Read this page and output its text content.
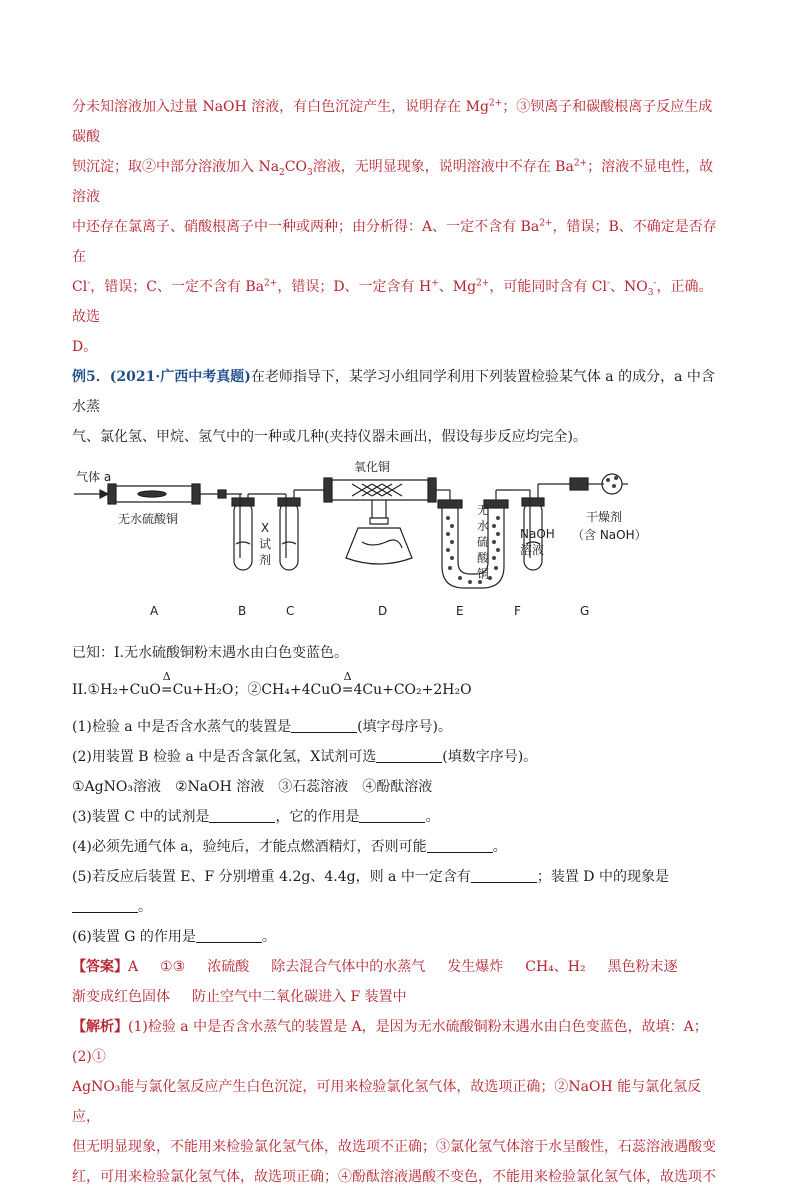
分未知溶液加入过量 NaOH 溶液，有白色沉淀产生，说明存在 $Mg^{2+}$；③钡离子和碳酸根离子反应生成碳酸

钡沉淀；取②中部分溶液加入 $Na_2CO_3$溶液，无明显现象，说明溶液中不存在 $Ba^{2+}$；溶液不显电性，故溶液

中还存在氯离子、硝酸根离子中一种或两种；由分析得：A、一定不含有 $Ba^{2+}$，错误；B、不确定是否存在

Cl-，错误；C、一定不含有 $Ba^{2+}$，错误；D、一定含有 H+、$Mg^{2+}$，可能同时含有 Cl-、$NO_3^-$，正确。故选

D。

例5．(2021·广西中考真题)在老师指导下，某学习小组同学利用下列装置检验某气体 a 的成分，a 中含水蒸

气、氯化氢、甲烷、氢气中的一种或几种(夹持仪器未画出，假设每步反应均完全)。

气体 a
无水硫酸铜
X试剂
氧化铜
无水硫酸铜
NaOH溶液
干燥剂
（含 NaOH）
A	B	C	D	E	F	G

已知：I.无水硫酸铜粉末遇水由白色变蓝色。

II.①H₂+CuO=
Δ
Cu+H₂O；②CH₄+4CuO=
Δ
4Cu+CO₂+2H₂O

(1)检验 a 中是否含水蒸气的装置是	(填字母序号)。

(2)用装置 B 检验 a 中是否含氯化氢，X试剂可选	(填数字序号)。

①AgNO₃溶液 ②NaOH 溶液 ③石蕊溶液 ④酚酞溶液

(3)装置 C 中的试剂是	，它的作用是	。

(4)必须先通气体 a，验纯后，才能点燃酒精灯，否则可能	。

(5)若反应后装置 E、F 分别增重 4.2g、4.4g，则 a 中一定含有	；装置 D 中的现象是。

(6)装置 G 的作用是	。

【答案】A ①③ 浓硫酸 除去混合气体中的水蒸气 发生爆炸 CH₄、H₂ 黑色粉末逐

渐变成红色固体 防止空气中二氧化碳进入 F 装置中

【解析】(1)检验 a 中是否含水蒸气的装置是 A，是因为无水硫酸铜粉末遇水由白色变蓝色，故填：A；(2)①

AgNO₃能与氯化氢反应产生白色沉淀，可用来检验氯化氢气体，故选项正确；②NaOH 能与氯化氢反应，

但无明显现象，不能用来检验氯化氢气体，故选项不正确；③氯化氢气体溶于水呈酸性，石蕊溶液遇酸变

红，可用来检验氯化氢气体，故选项正确；④酚酞溶液遇酸不变色，不能用来检验氯化氢气体，故选项不
